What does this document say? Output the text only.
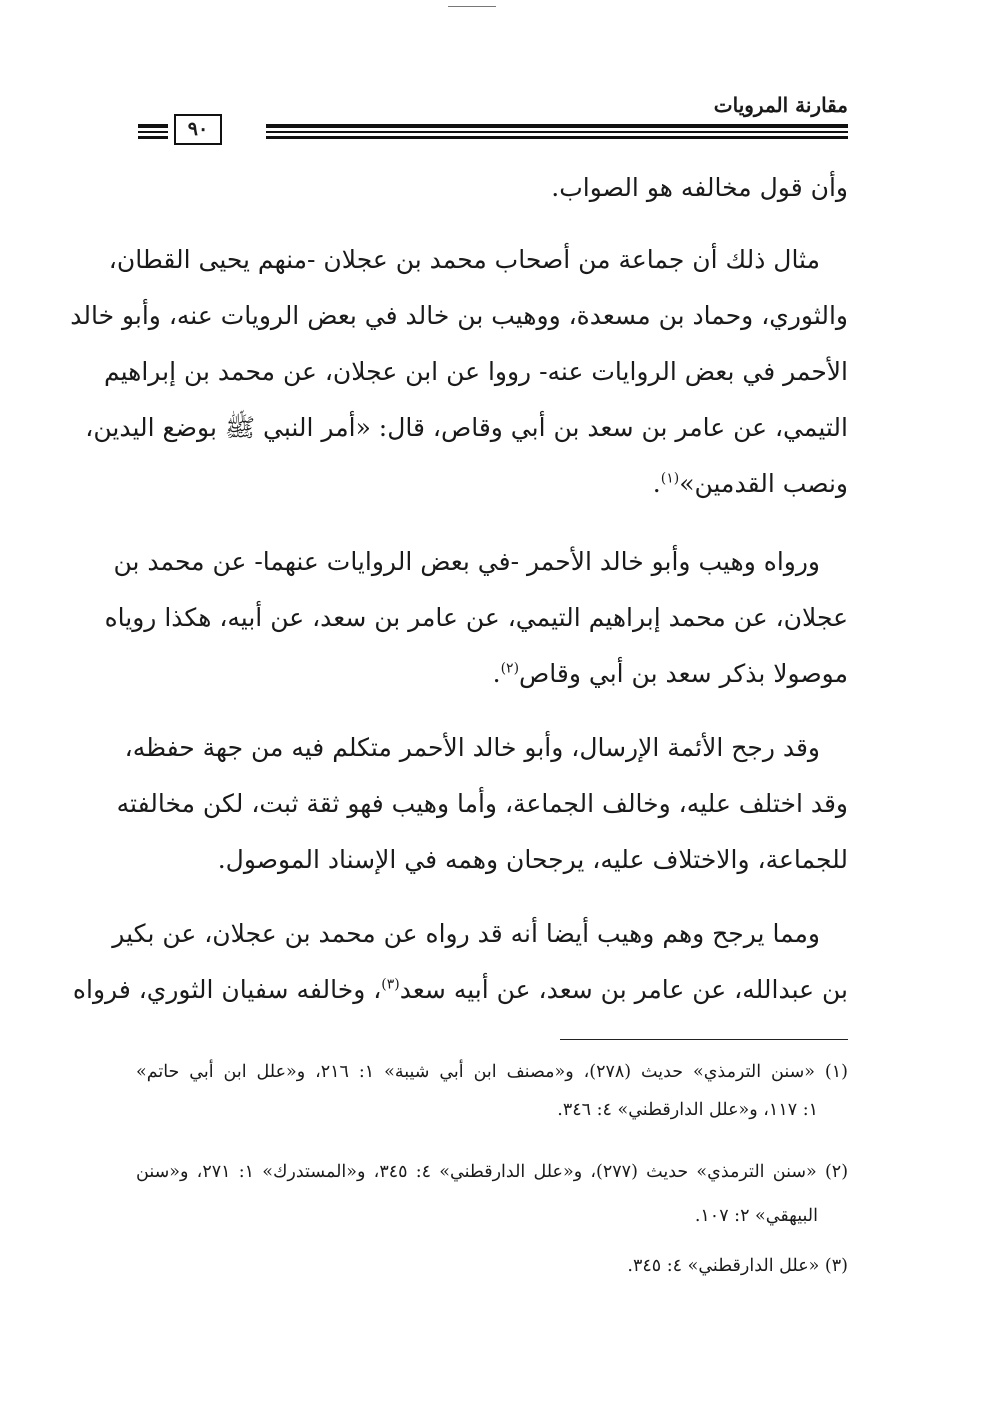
مقارنة المرويات
٩٠
وأن قول مخالفه هو الصواب.
مثال ذلك أن جماعة من أصحاب محمد بن عجلان -منهم يحيى القطان،
والثوري، وحماد بن مسعدة، ووهيب بن خالد في بعض الرويات عنه، وأبو خالد
الأحمر في بعض الروايات عنه- رووا عن ابن عجلان، عن محمد بن إبراهيم
التيمي، عن عامر بن سعد بن أبي وقاص، قال: «أمر النبي ﷺ بوضع اليدين،
ونصب القدمين»$^{(١)}$.
ورواه وهيب وأبو خالد الأحمر -في بعض الروايات عنهما- عن محمد بن
عجلان، عن محمد إبراهيم التيمي، عن عامر بن سعد، عن أبيه، هكذا روياه
موصولا بذكر سعد بن أبي وقاص$^{(٢)}$.
وقد رجح الأئمة الإرسال، وأبو خالد الأحمر متكلم فيه من جهة حفظه،
وقد اختلف عليه، وخالف الجماعة، وأما وهيب فهو ثقة ثبت، لكن مخالفته
للجماعة، والاختلاف عليه، يرجحان وهمه في الإسناد الموصول.
ومما يرجح وهم وهيب أيضا أنه قد رواه عن محمد بن عجلان، عن بكير
بن عبدالله، عن عامر بن سعد، عن أبيه سعد$^{(٣)}$، وخالفه سفيان الثوري، فرواه
(١) «سنن الترمذي» حديث (٢٧٨)، و«مصنف ابن أبي شيبة» ١: ٢١٦، و«علل ابن أبي حاتم»
١: ١١٧، و«علل الدارقطني» ٤: ٣٤٦.
(٢) «سنن الترمذي» حديث (٢٧٧)، و«علل الدارقطني» ٤: ٣٤٥، و«المستدرك» ١: ٢٧١، و«سنن
البيهقي» ٢: ١٠٧.
(٣) «علل الدارقطني» ٤: ٣٤٥.
